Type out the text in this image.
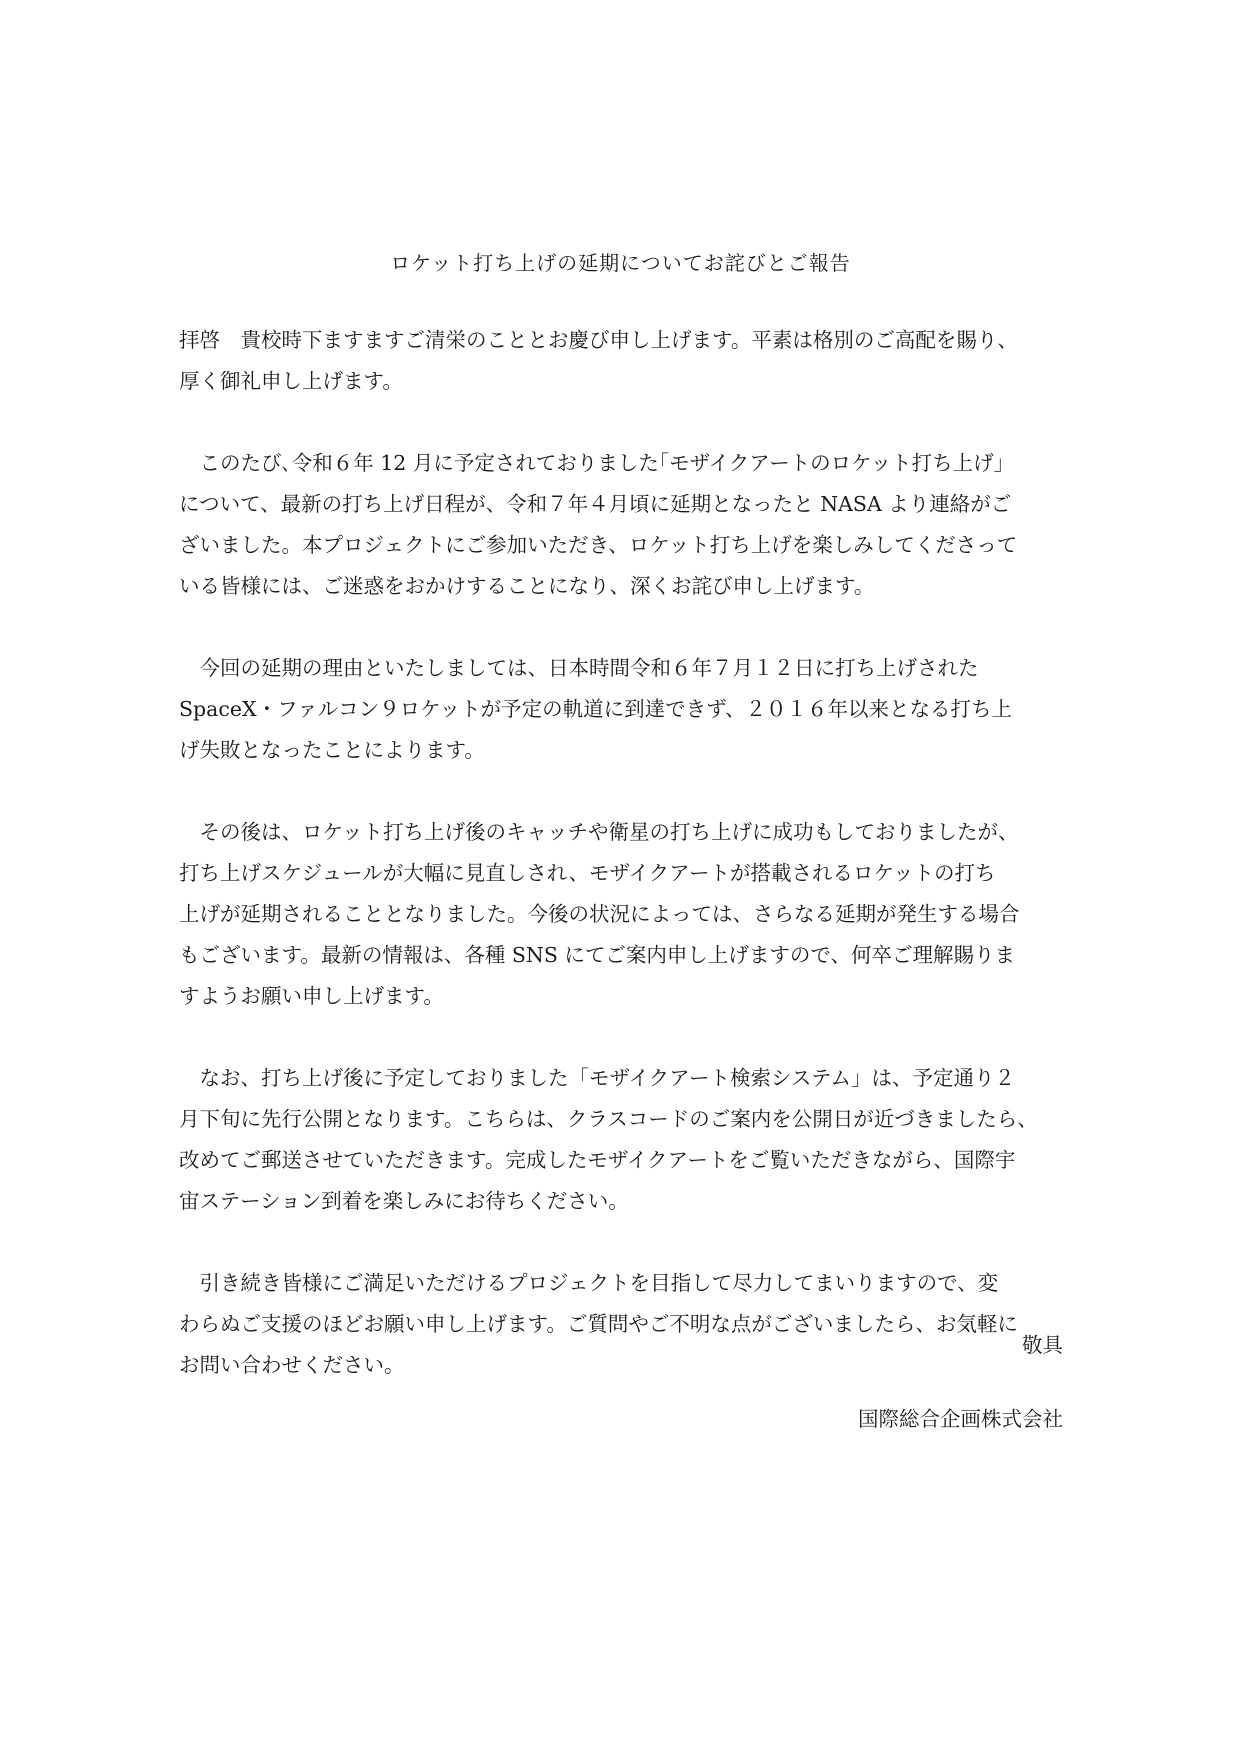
ロケット打ち上げの延期についてお詫びとご報告
拝啓　貴校時下ますますご清栄のこととお慶び申し上げます。平素は格別のご高配を賜り、
厚く御礼申し上げます。
　このたび､令和６年 12 月に予定されておりました｢モザイクアートのロケット打ち上げ｣
について、最新の打ち上げ日程が、令和７年４月頃に延期となったと NASA より連絡がご
ざいました。本プロジェクトにご参加いただき、ロケット打ち上げを楽しみしてくださって
いる皆様には、ご迷惑をおかけすることになり、深くお詫び申し上げます。
　今回の延期の理由といたしましては、日本時間令和６年７月１２日に打ち上げされた
SpaceX・ファルコン９ロケットが予定の軌道に到達できず、２０１６年以来となる打ち上
げ失敗となったことによります。
　その後は、ロケット打ち上げ後のキャッチや衛星の打ち上げに成功もしておりましたが、
打ち上げスケジュールが大幅に見直しされ、モザイクアートが搭載されるロケットの打ち
上げが延期されることとなりました。今後の状況によっては、さらなる延期が発生する場合
もございます。最新の情報は、各種 SNS にてご案内申し上げますので、何卒ご理解賜りま
すようお願い申し上げます。
　なお、打ち上げ後に予定しておりました「モザイクアート検索システム」は、予定通り２
月下旬に先行公開となります。こちらは、クラスコードのご案内を公開日が近づきましたら、
改めてご郵送させていただきます。完成したモザイクアートをご覧いただきながら、国際宇
宙ステーション到着を楽しみにお待ちください。
　引き続き皆様にご満足いただけるプロジェクトを目指して尽力してまいりますので、変
わらぬご支援のほどお願い申し上げます。ご質問やご不明な点がございましたら、お気軽に
お問い合わせください。
敬具
国際総合企画株式会社
